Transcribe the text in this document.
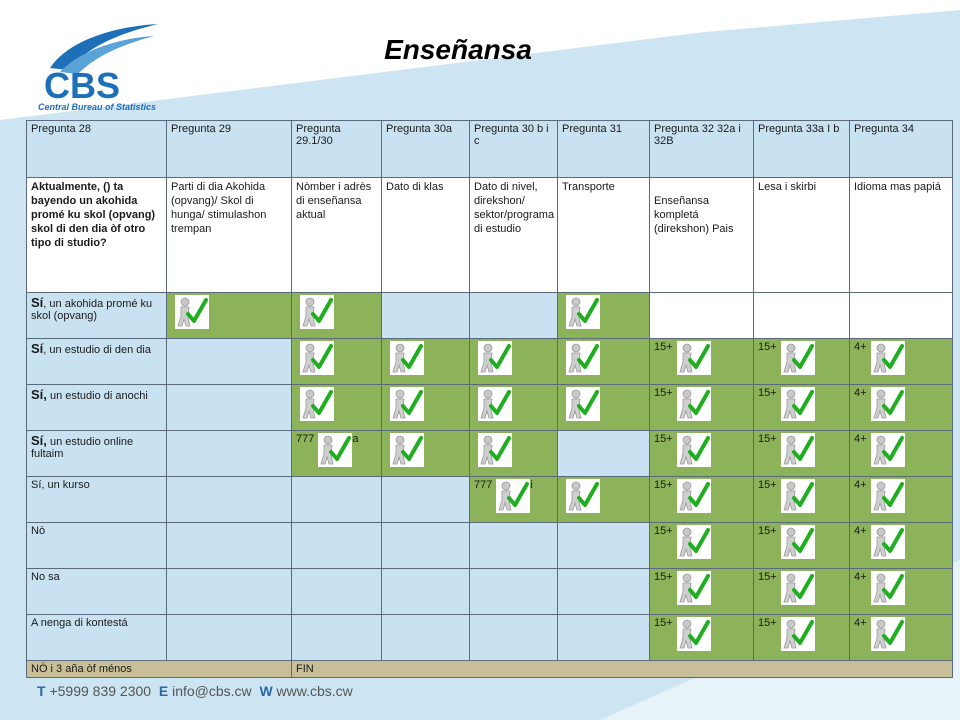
CBS
Central Bureau of Statistics
Enseñansa
Pregunta 28	Pregunta 29	Pregunta 29.1/30	Pregunta 30a	Pregunta 30 b i c	Pregunta 31	Pregunta 32 32a i 32B	Pregunta 33a I b	Pregunta 34
Aktualmente, () ta bayendo un akohida promé ku skol (opvang) skol di den dia òf otro tipo di studio?	Parti di dia Akohida (opvang)/ Skol di hunga/ stimulashon trempan	Nòmber i adrès di enseñansa aktual	Dato di klas	Dato di nivel, direkshon/ sektor/programa di estudio	Transporte	Enseñansa kompletá (direkshon) Pais	Lesa i skirbi	Idioma mas papiá
Sí, un akohida promé ku skol (opvang)								
Sí, un estudio di den dia						15+	15+	4+
Sí, un estudio di anochi						15+	15+	4+
Sí, un estudio online fultaim		777 a				15+	15+	4+
Sí, un kurso				777 i		15+	15+	4+
Nò						15+	15+	4+
No sa						15+	15+	4+
A nenga di kontestá						15+	15+	4+
NÒ i 3 aña òf ménos		FIN						
T +5999 839 2300 E info@cbs.cw W www.cbs.cw
